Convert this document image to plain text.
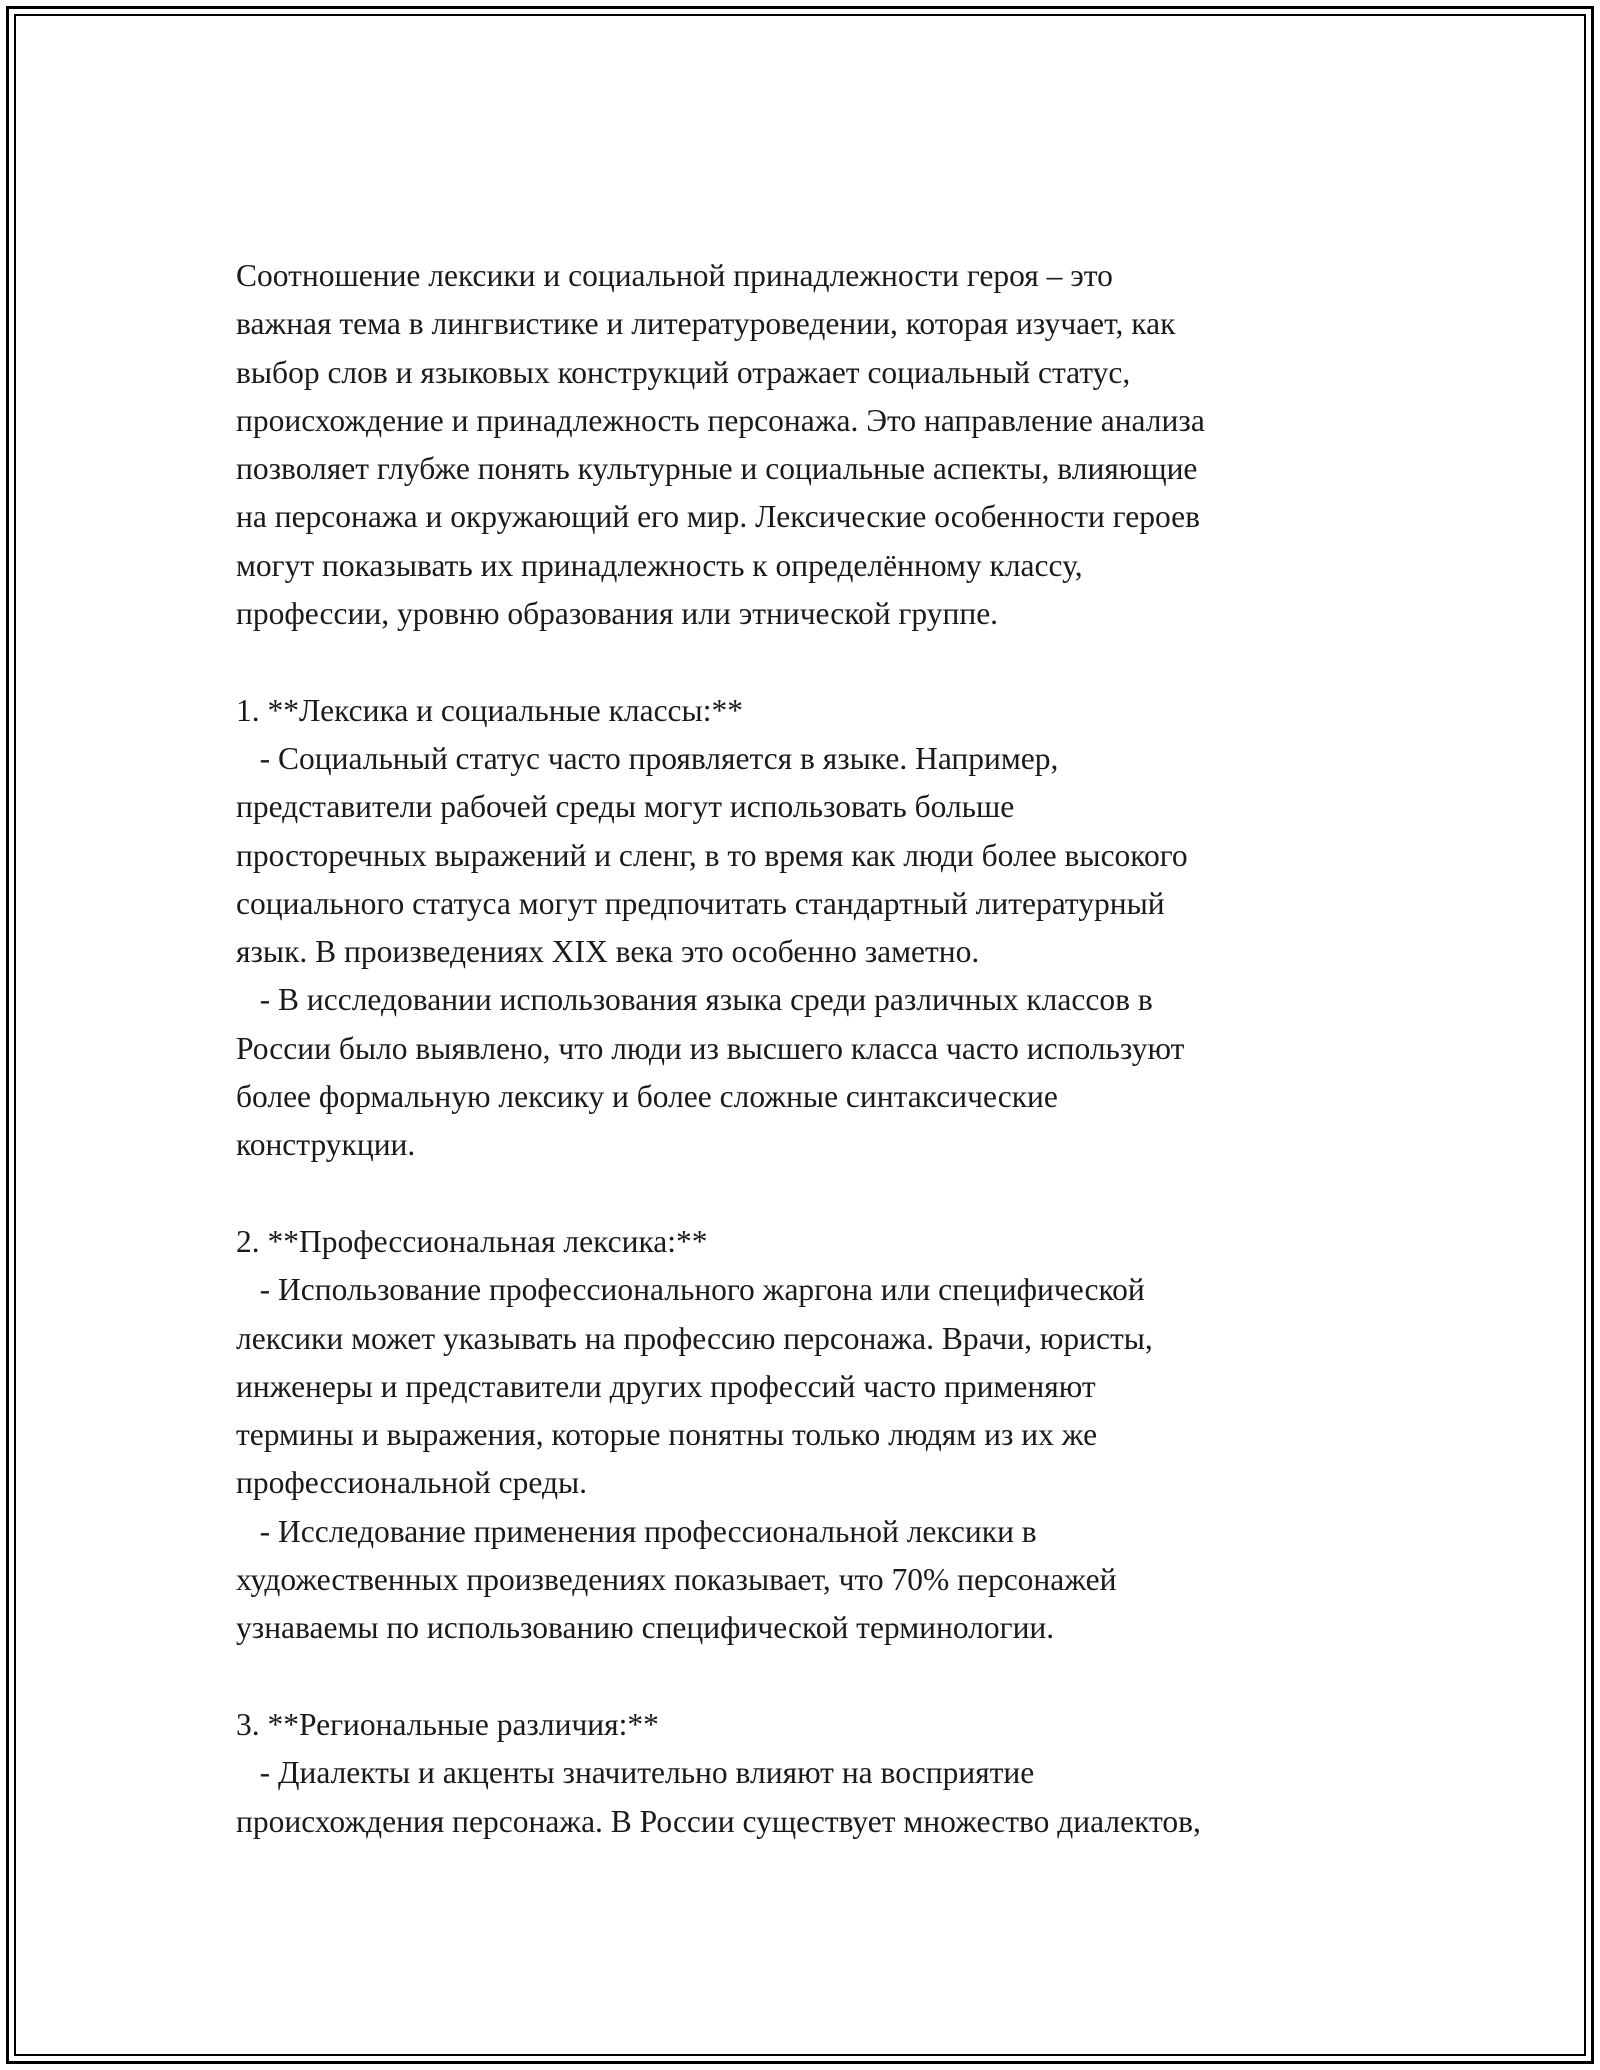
Соотношение лексики и социальной принадлежности героя – это
важная тема в лингвистике и литературоведении, которая изучает, как
выбор слов и языковых конструкций отражает социальный статус,
происхождение и принадлежность персонажа. Это направление анализа
позволяет глубже понять культурные и социальные аспекты, влияющие
на персонажа и окружающий его мир. Лексические особенности героев
могут показывать их принадлежность к определённому классу,
профессии, уровню образования или этнической группе.
1. **Лексика и социальные классы:**
- Социальный статус часто проявляется в языке. Например,
представители рабочей среды могут использовать больше
просторечных выражений и сленг, в то время как люди более высокого
социального статуса могут предпочитать стандартный литературный
язык. В произведениях XIX века это особенно заметно.
- В исследовании использования языка среди различных классов в
России было выявлено, что люди из высшего класса часто используют
более формальную лексику и более сложные синтаксические
конструкции.
2. **Профессиональная лексика:**
- Использование профессионального жаргона или специфической
лексики может указывать на профессию персонажа. Врачи, юристы,
инженеры и представители других профессий часто применяют
термины и выражения, которые понятны только людям из их же
профессиональной среды.
- Исследование применения профессиональной лексики в
художественных произведениях показывает, что 70% персонажей
узнаваемы по использованию специфической терминологии.
3. **Региональные различия:**
- Диалекты и акценты значительно влияют на восприятие
происхождения персонажа. В России существует множество диалектов,
